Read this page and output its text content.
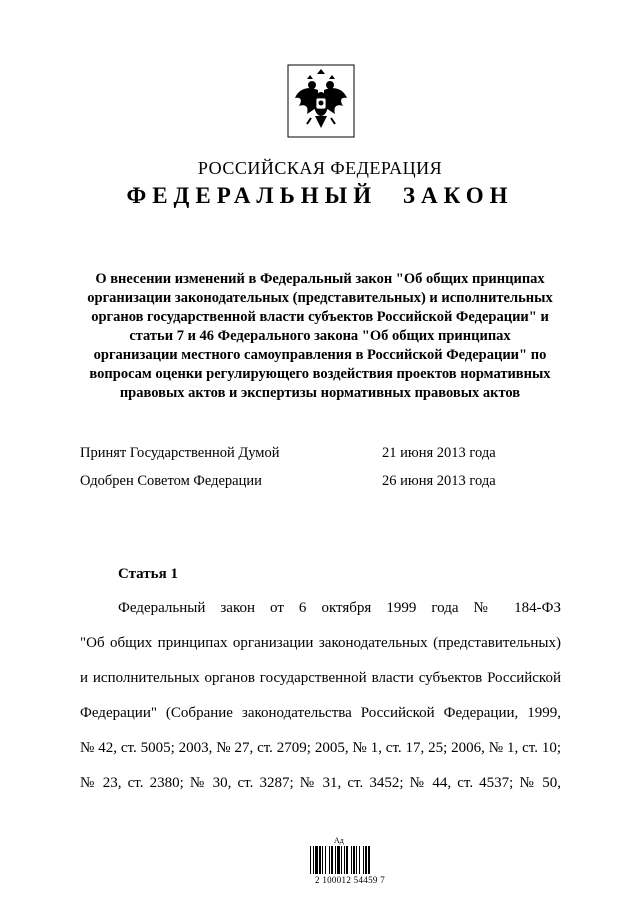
РОССИЙСКАЯ ФЕДЕРАЦИЯ
ФЕДЕРАЛЬНЫЙ ЗАКОН
О внесении изменений в Федеральный закон "Об общих принципах
организации законодательных (представительных) и исполнительных
органов государственной власти субъектов Российской Федерации" и
статьи 7 и 46 Федерального закона "Об общих принципах
организации местного самоуправления в Российской Федерации" по
вопросам оценки регулирующего воздействия проектов нормативных
правовых актов и экспертизы нормативных правовых актов
Принят Государственной Думой	21 июня 2013 года
Одобрен Советом Федерации	26 июня 2013 года
Статья 1
Федеральный закон от 6 октября 1999 года № 184-ФЗ
"Об общих принципах организации законодательных (представительных)
и исполнительных органов государственной власти субъектов Российской
Федерации" (Собрание законодательства Российской Федерации, 1999,
№ 42, ст. 5005; 2003, № 27, ст. 2709; 2005, № 1, ст. 17, 25; 2006, № 1, ст. 10;
№ 23, ст. 2380; № 30, ст. 3287; № 31, ст. 3452; № 44, ст. 4537; № 50,
Ад
2 100012 54459 7
